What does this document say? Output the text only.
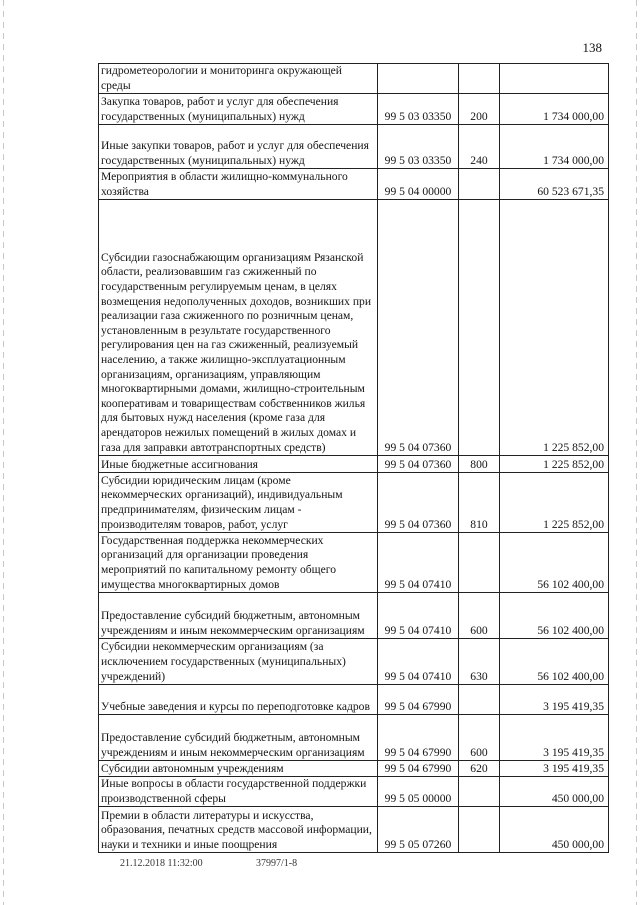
138
гидрометеорологии и мониторинга окружающей среды			
Закупка товаров, работ и услуг для обеспечения государственных (муниципальных) нужд	99 5 03 03350	200	1 734 000,00
Иные закупки товаров, работ и услуг для обеспечения государственных (муниципальных) нужд	99 5 03 03350	240	1 734 000,00
Мероприятия в области жилищно-коммунального хозяйства	99 5 04 00000		60 523 671,35
Субсидии газоснабжающим организациям Рязанской области, реализовавшим газ сжиженный по государственным регулируемым ценам, в целях возмещения недополученных доходов, возникших при реализации газа сжиженного по розничным ценам, установленным в результате государственного регулирования цен на газ сжиженный, реализуемый населению, а также жилищно-эксплуатационным организациям, организациям, управляющим многоквартирными домами, жилищно-строительным кооперативам и товариществам собственников жилья для бытовых нужд населения (кроме газа для арендаторов нежилых помещений в жилых домах и газа для заправки автотранспортных средств)	99 5 04 07360		1 225 852,00
Иные бюджетные ассигнования	99 5 04 07360	800	1 225 852,00
Субсидии юридическим лицам (кроме некоммерческих организаций), индивидуальным предпринимателям, физическим лицам - производителям товаров, работ, услуг	99 5 04 07360	810	1 225 852,00
Государственная поддержка некоммерческих организаций для организации проведения мероприятий по капитальному ремонту общего имущества многоквартирных домов	99 5 04 07410		56 102 400,00
Предоставление субсидий бюджетным, автономным учреждениям и иным некоммерческим организациям	99 5 04 07410	600	56 102 400,00
Субсидии некоммерческим организациям (за исключением государственных (муниципальных) учреждений)	99 5 04 07410	630	56 102 400,00
Учебные заведения и курсы по переподготовке кадров	99 5 04 67990		3 195 419,35
Предоставление субсидий бюджетным, автономным учреждениям и иным некоммерческим организациям	99 5 04 67990	600	3 195 419,35
Субсидии автономным учреждениям	99 5 04 67990	620	3 195 419,35
Иные вопросы в области государственной поддержки производственной сферы	99 5 05 00000		450 000,00
Премии в области литературы и искусства, образования, печатных средств массовой информации, науки и техники и иные поощрения	99 5 05 07260		450 000,00
21.12.2018 11:32:00	37997/1-8
